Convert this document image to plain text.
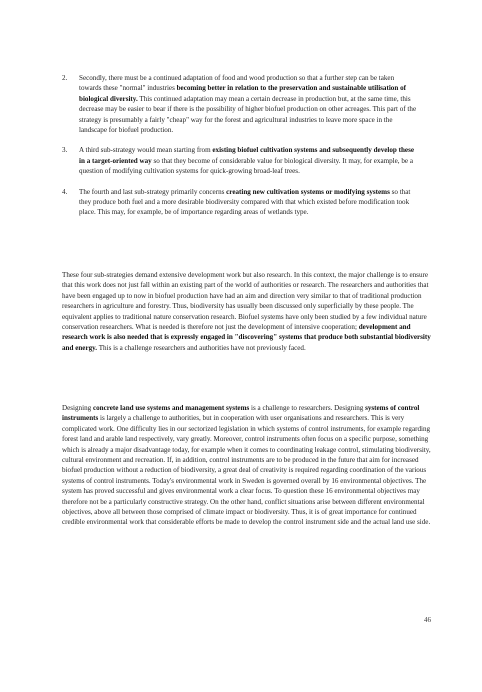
2. Secondly, there must be a continued adaptation of food and wood production so that a further step can be taken towards these "normal" industries becoming better in relation to the preservation and sustainable utilisation of biological diversity. This continued adaptation may mean a certain decrease in production but, at the same time, this decrease may be easier to bear if there is the possibility of higher biofuel production on other acreages. This part of the strategy is presumably a fairly "cheap" way for the forest and agricultural industries to leave more space in the landscape for biofuel production.

3. A third sub-strategy would mean starting from existing biofuel cultivation systems and subsequently develop these in a target-oriented way so that they become of considerable value for biological diversity. It may, for example, be a question of modifying cultivation systems for quick-growing broad-leaf trees.

4. The fourth and last sub-strategy primarily concerns creating new cultivation systems or modifying systems so that they produce both fuel and a more desirable biodiversity compared with that which existed before modification took place. This may, for example, be of importance regarding areas of wetlands type.

These four sub-strategies demand extensive development work but also research. In this context, the major challenge is to ensure that this work does not just fall within an existing part of the world of authorities or research. The researchers and authorities that have been engaged up to now in biofuel production have had an aim and direction very similar to that of traditional production researchers in agriculture and forestry. Thus, biodiversity has usually been discussed only superficially by these people. The equivalent applies to traditional nature conservation research. Biofuel systems have only been studied by a few individual nature conservation researchers. What is needed is therefore not just the development of intensive cooperation; development and research work is also needed that is expressly engaged in "discovering" systems that produce both substantial biodiversity and energy. This is a challenge researchers and authorities have not previously faced.

Designing concrete land use systems and management systems is a challenge to researchers. Designing systems of control instruments is largely a challenge to authorities, but in cooperation with user organisations and researchers. This is very complicated work. One difficulty lies in our sectorized legislation in which systems of control instruments, for example regarding forest land and arable land respectively, vary greatly. Moreover, control instruments often focus on a specific purpose, something which is already a major disadvantage today, for example when it comes to coordinating leakage control, stimulating biodiversity, cultural environment and recreation. If, in addition, control instruments are to be produced in the future that aim for increased biofuel production without a reduction of biodiversity, a great deal of creativity is required regarding coordination of the various systems of control instruments. Today's environmental work in Sweden is governed overall by 16 environmental objectives. The system has proved successful and gives environmental work a clear focus. To question these 16 environmental objectives may therefore not be a particularly constructive strategy. On the other hand, conflict situations arise between different environmental objectives, above all between those comprised of climate impact or biodiversity. Thus, it is of great importance for continued credible environmental work that considerable efforts be made to develop the control instrument side and the actual land use side.

46
